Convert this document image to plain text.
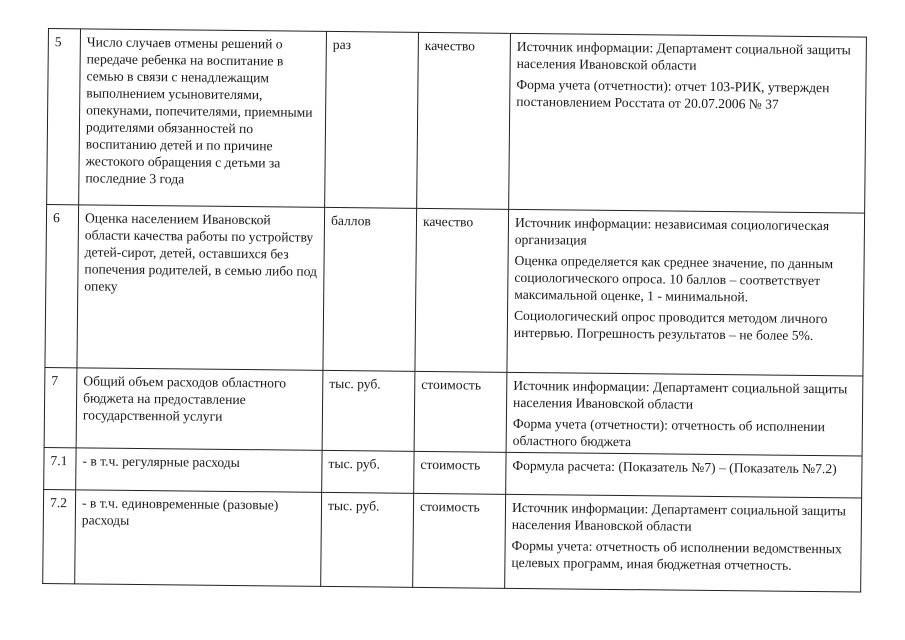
5	Число случаев отмены решений о передаче ребенка на воспитание в семью в связи с ненадлежащим выполнением усыновителями, опекунами, попечителями, приемными родителями обязанностей по воспитанию детей и по причине жестокого обращения с детьми за последние 3 года	раз	качество	Источник информации: Департамент социальной защиты населения Ивановской области

Форма учета (отчетности): отчет 103-РИК, утвержден постановлением Росстата от 20.07.2006 № 37

6	Оценка населением Ивановской области качества работы по устройству детей-сирот, детей, оставшихся без попечения родителей, в семью либо под опеку	баллов	качество	Источник информации: независимая социологическая организация

Оценка определяется как среднее значение, по данным социологического опроса. 10 баллов – соответствует максимальной оценке, 1 - минимальной.

Социологический опрос проводится методом личного интервью. Погрешность результатов – не более 5%.

7	Общий объем расходов областного бюджета на предоставление государственной услуги	тыс. руб.	стоимость	Источник информации: Департамент социальной защиты населения Ивановской области

Форма учета (отчетности): отчетность об исполнении областного бюджета

7.1	- в т.ч. регулярные расходы	тыс. руб.	стоимость	Формула расчета: (Показатель №7) – (Показатель №7.2)

7.2	- в т.ч. единовременные (разовые) расходы	тыс. руб.	стоимость	Источник информации: Департамент социальной защиты населения Ивановской области

Формы учета: отчетность об исполнении ведомственных целевых программ, иная бюджетная отчетность.
